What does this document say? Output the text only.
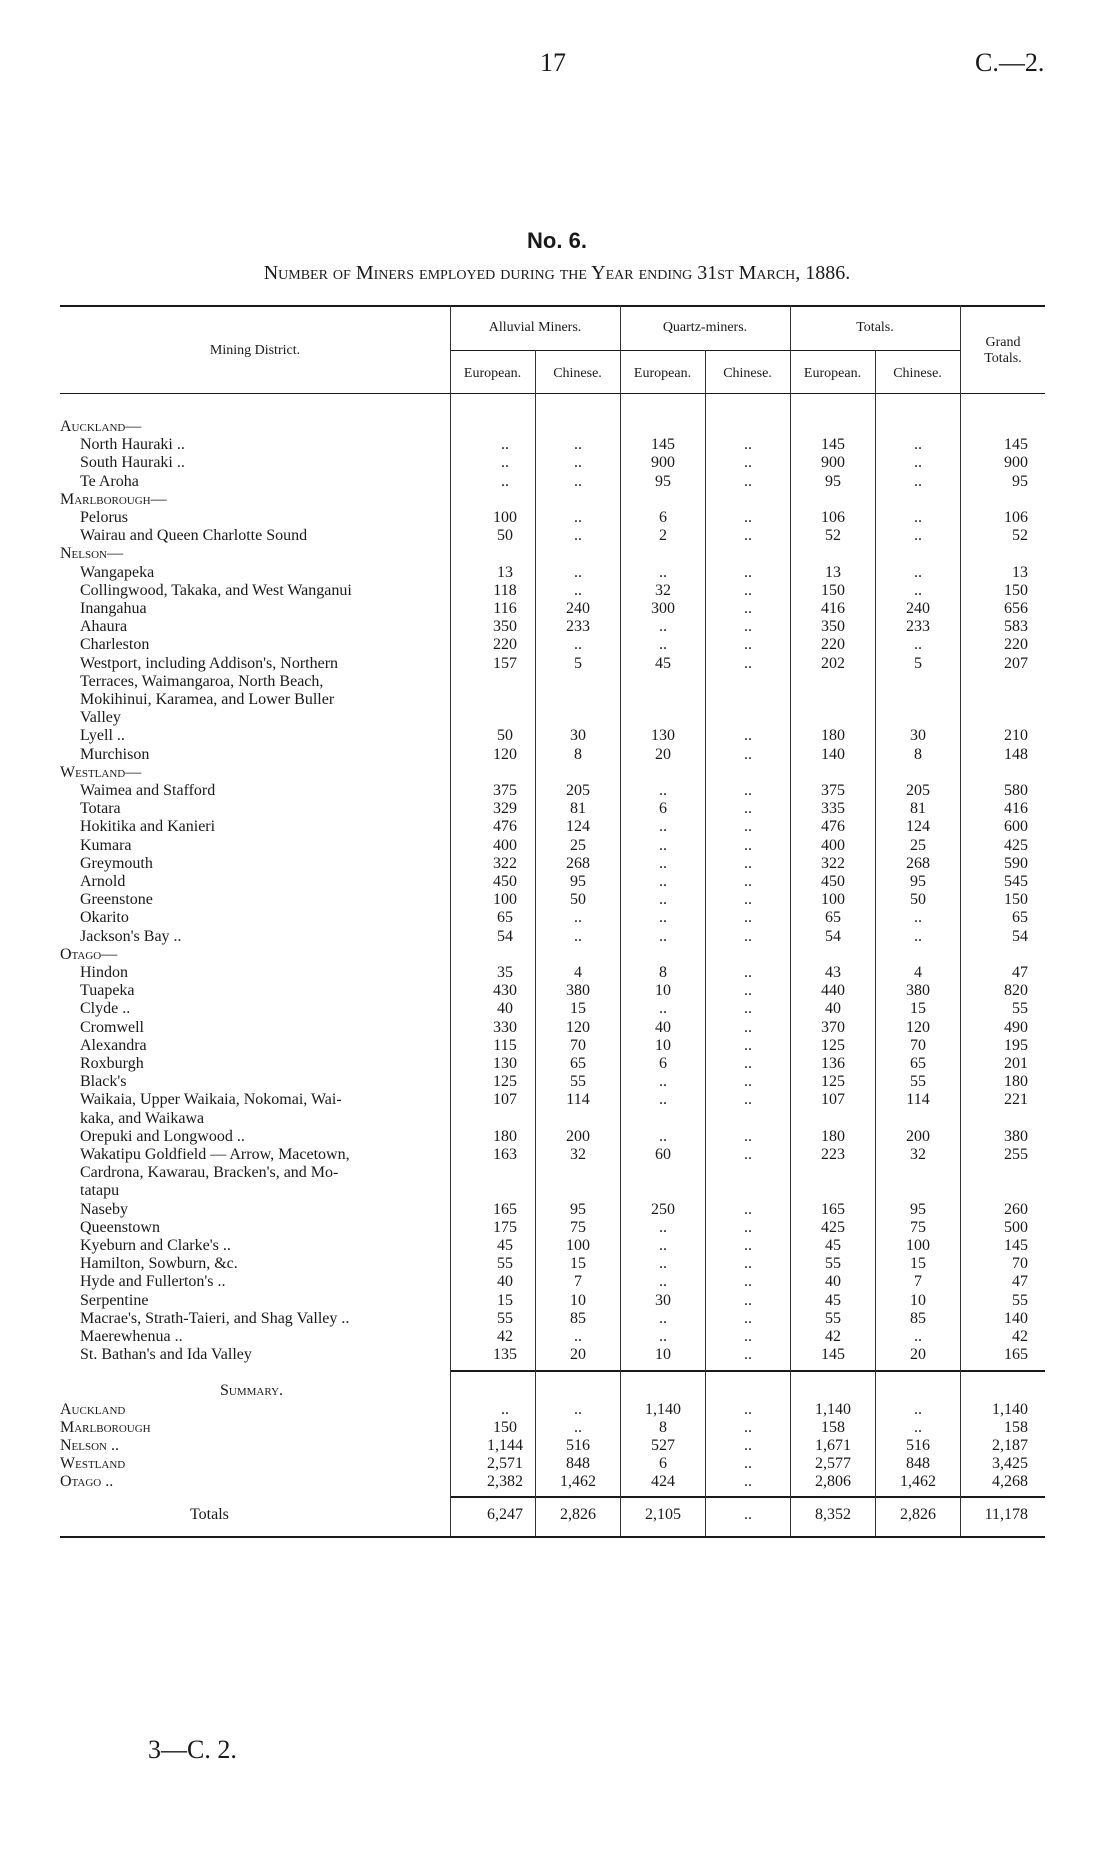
17	C.—2.
No. 6.
Number of Miners employed during the Year ending 31st March, 1886.
Mining District.
Alluvial Miners.	Quartz-miners.	Totals.
Grand Totals.
European.	Chinese.	European.	Chinese.	European.	Chinese.
Auckland—
North Hauraki ..	..	..	145	..	145	..	145
South Hauraki ..	..	..	900	..	900	..	900
Te Aroha	..	..	95	..	95	..	95
Marlborough—
Pelorus	100	..	6	..	106	..	106
Wairau and Queen Charlotte Sound	50	..	2	..	52	..	52
Nelson—
Wangapeka	13	..	..	..	13	..	13
Collingwood, Takaka, and West Wanganui	118	..	32	..	150	..	150
Inangahua	116	240	300	..	416	240	656
Ahaura	350	233	..	..	350	233	583
Charleston	220	..	..	..	220	..	220
Westport, including Addison's, Northern	157	5	45	..	202	5	207
Terraces, Waimangaroa, North Beach,
Mokihinui, Karamea, and Lower Buller
Valley
Lyell ..	50	30	130	..	180	30	210
Murchison	120	8	20	..	140	8	148
Westland—
Waimea and Stafford	375	205	..	..	375	205	580
Totara	329	81	6	..	335	81	416
Hokitika and Kanieri	476	124	..	..	476	124	600
Kumara	400	25	..	..	400	25	425
Greymouth	322	268	..	..	322	268	590
Arnold	450	95	..	..	450	95	545
Greenstone	100	50	..	..	100	50	150
Okarito	65	..	..	..	65	..	65
Jackson's Bay ..	54	..	..	..	54	..	54
Otago—
Hindon	35	4	8	..	43	4	47
Tuapeka	430	380	10	..	440	380	820
Clyde ..	40	15	..	..	40	15	55
Cromwell	330	120	40	..	370	120	490
Alexandra	115	70	10	..	125	70	195
Roxburgh	130	65	6	..	136	65	201
Black's	125	55	..	..	125	55	180
Waikaia, Upper Waikaia, Nokomai, Wai-	107	114	..	..	107	114	221
kaka, and Waikawa
Orepuki and Longwood ..	180	200	..	..	180	200	380
Wakatipu Goldfield — Arrow, Macetown,	163	32	60	..	223	32	255
Cardrona, Kawarau, Bracken's, and Mo-
tatapu
Naseby	165	95	250	..	165	95	260
Queenstown	175	75	..	..	425	75	500
Kyeburn and Clarke's ..	45	100	..	..	45	100	145
Hamilton, Sowburn, &c.	55	15	..	..	55	15	70
Hyde and Fullerton's ..	40	7	..	..	40	7	47
Serpentine	15	10	30	..	45	10	55
Macrae's, Strath-Taieri, and Shag Valley ..	55	85	..	..	55	85	140
Maerewhenua ..	42	..	..	..	42	..	42
St. Bathan's and Ida Valley	135	20	10	..	145	20	165
Summary.
Auckland	..	..	1,140	..	1,140	..	1,140
Marlborough	150	..	8	..	158	..	158
Nelson ..	1,144	516	527	..	1,671	516	2,187
Westland	2,571	848	6	..	2,577	848	3,425
Otago ..	2,382	1,462	424	..	2,806	1,462	4,268
Totals	6,247	2,826	2,105	..	8,352	2,826	11,178
3—C. 2.
